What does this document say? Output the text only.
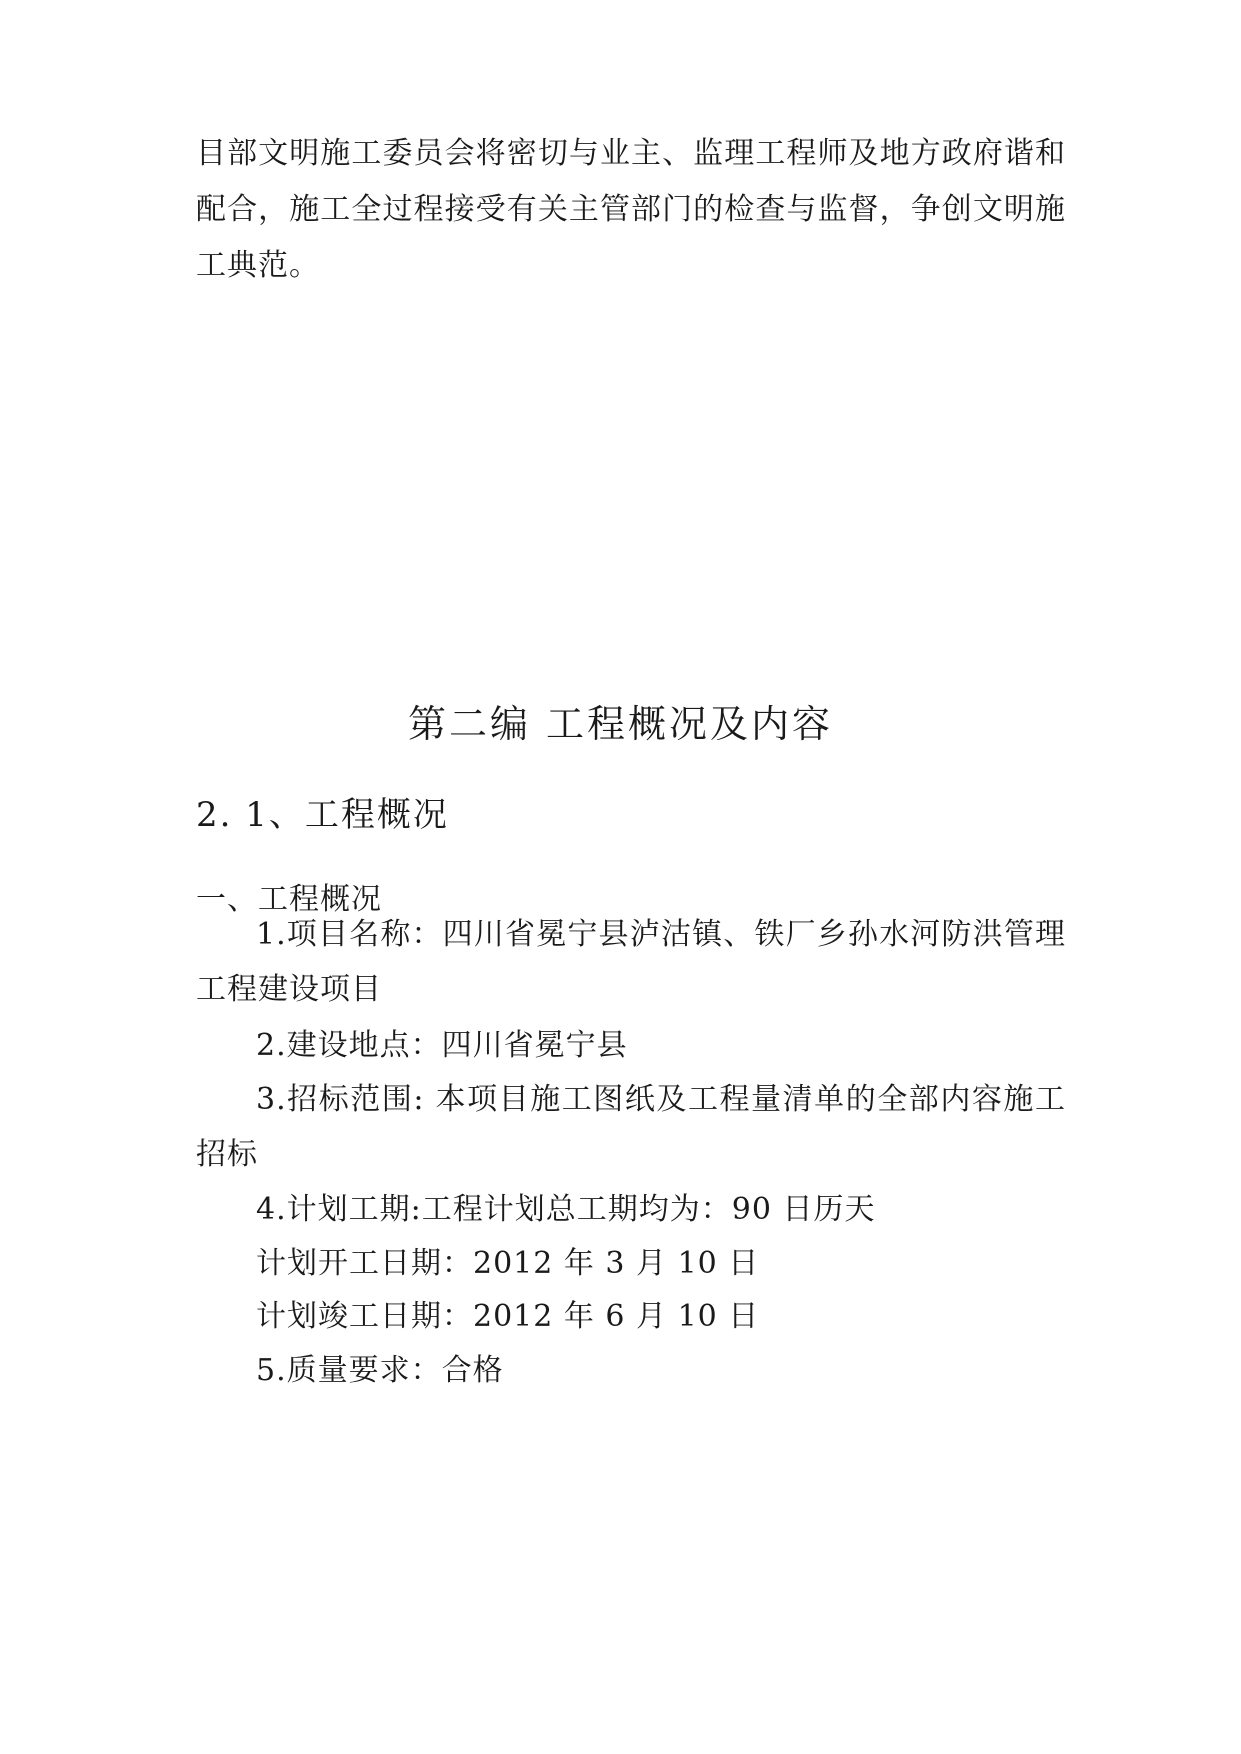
目部文明施工委员会将密切与业主、监理工程师及地方政府谐和
配合，施工全过程接受有关主管部门的检查与监督，争创文明施
工典范。
第二编 工程概况及内容
2. 1、工程概况
一、工程概况
1.项目名称：四川省冕宁县泸沽镇、铁厂乡孙水河防洪管理
工程建设项目
2.建设地点：四川省冕宁县
3.招标范围: 本项目施工图纸及工程量清单的全部内容施工
招标
4.计划工期:工程计划总工期均为：90 日历天
计划开工日期：2012 年 3 月 10 日
计划竣工日期：2012 年 6 月 10 日
5.质量要求：合格
